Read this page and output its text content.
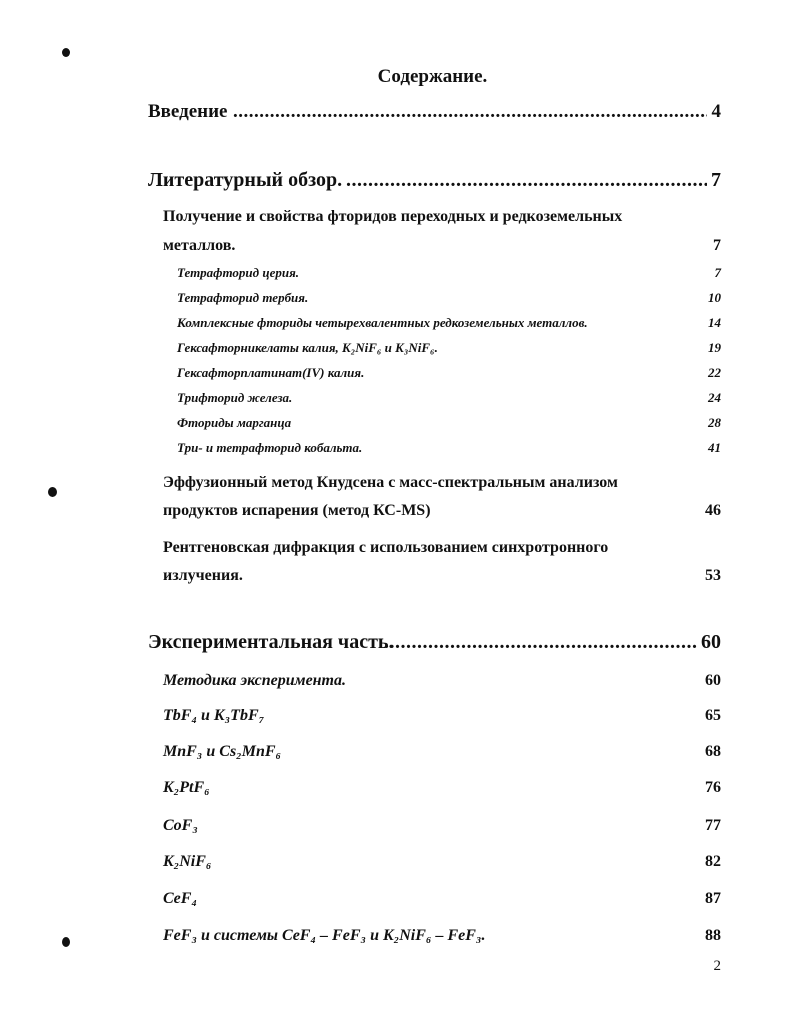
Содержание.
Введение .....	4
Литературный обзор. .....	7
Получение и свойства фторидов переходных и редкоземельных
металлов.	7
Тетрафторид церия.	7
Тетрафторид тербия.	10
Комплексные фториды четырехвалентных редкоземельных металлов.	14
Гексафторникелаты калия, K₂NiF₆ и K₃NiF₆.	19
Гексафторплатинат(IV) калия.	22
Трифторид железа.	24
Фториды марганца	28
Три- и тетрафторид кобальта.	41
Эффузионный метод Кнудсена с масс-спектральным анализом
продуктов испарения (метод КС-MS)	46
Рентгеновская дифракция с использованием синхротронного
излучения.	53
Экспериментальная часть. .....	60
Методика эксперимента.	60
TbF₄ и K₃TbF₇	65
MnF₃ и Cs₂MnF₆	68
K₂PtF₆	76
CoF₃	77
K₂NiF₆	82
CeF₄	87
FeF₃ и системы CeF₄ – FeF₃ и K₂NiF₆ – FeF₃.	88
2
